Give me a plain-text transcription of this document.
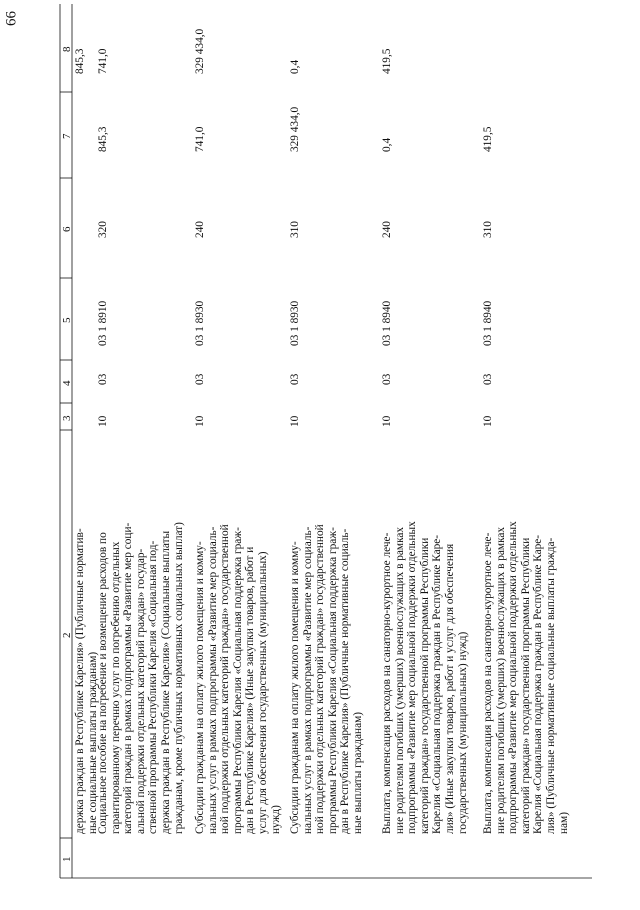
66
1
2
3
4
5
6
7
8
держка граждан в Республике Карелия» (Публичные норматив- ные социальные выплаты гражданам)
845,3
Социальное пособие на погребение и возмещение расходов по гарантированному перечню услуг по погребению отдельных категорий граждан в рамках подпрограммы «Развитие мер соци- альной поддержки отдельных категорий граждан» государ- ственной программы Республики Карелия «Социальная под- держка граждан в Республике Карелия» (Социальные выплаты гражданам, кроме публичных нормативных социальных выплат)
10
03
03 1 8910
320
845,3
741,0
Субсидии гражданам на оплату жилого помещения и комму- нальных услуг в рамках подпрограммы «Развитие мер социаль- ной поддержки отдельных категорий граждан» государственной программы Республики Карелия «Социальная поддержка граж- дан в Республике Карелия» (Иные закупки товаров, работ и услуг для обеспечения государственных (муниципальных) нужд)
10
03
03 1 8930
240
741,0
329 434,0
Субсидии гражданам на оплату жилого помещения и комму- нальных услуг в рамках подпрограммы «Развитие мер социаль- ной поддержки отдельных категорий граждан» государственной программы Республики Карелия «Социальная поддержка граж- дан в Республике Карелия» (Публичные нормативные социаль- ные выплаты гражданам)
10
03
03 1 8930
310
329 434,0
0,4
Выплата, компенсация расходов на санаторно-курортное лече- ние родителям погибших (умерших) военнослужащих в рамках подпрограммы «Развитие мер социальной поддержки отдельных категорий граждан» государственной программы Республики Карелия «Социальная поддержка граждан в Республике Каре- лия» (Иные закупки товаров, работ и услуг для обеспечения государственных (муниципальных) нужд)
10
03
03 1 8940
240
0,4
419,5
Выплата, компенсация расходов на санаторно-курортное лече- ние родителям погибших (умерших) военнослужащих в рамках подпрограммы «Развитие мер социальной поддержки отдельных категорий граждан» государственной программы Республики Карелия «Социальная поддержка граждан в Республике Каре- лия» (Публичные нормативные социальные выплаты гражда- нам)
10
03
03 1 8940
310
419,5
